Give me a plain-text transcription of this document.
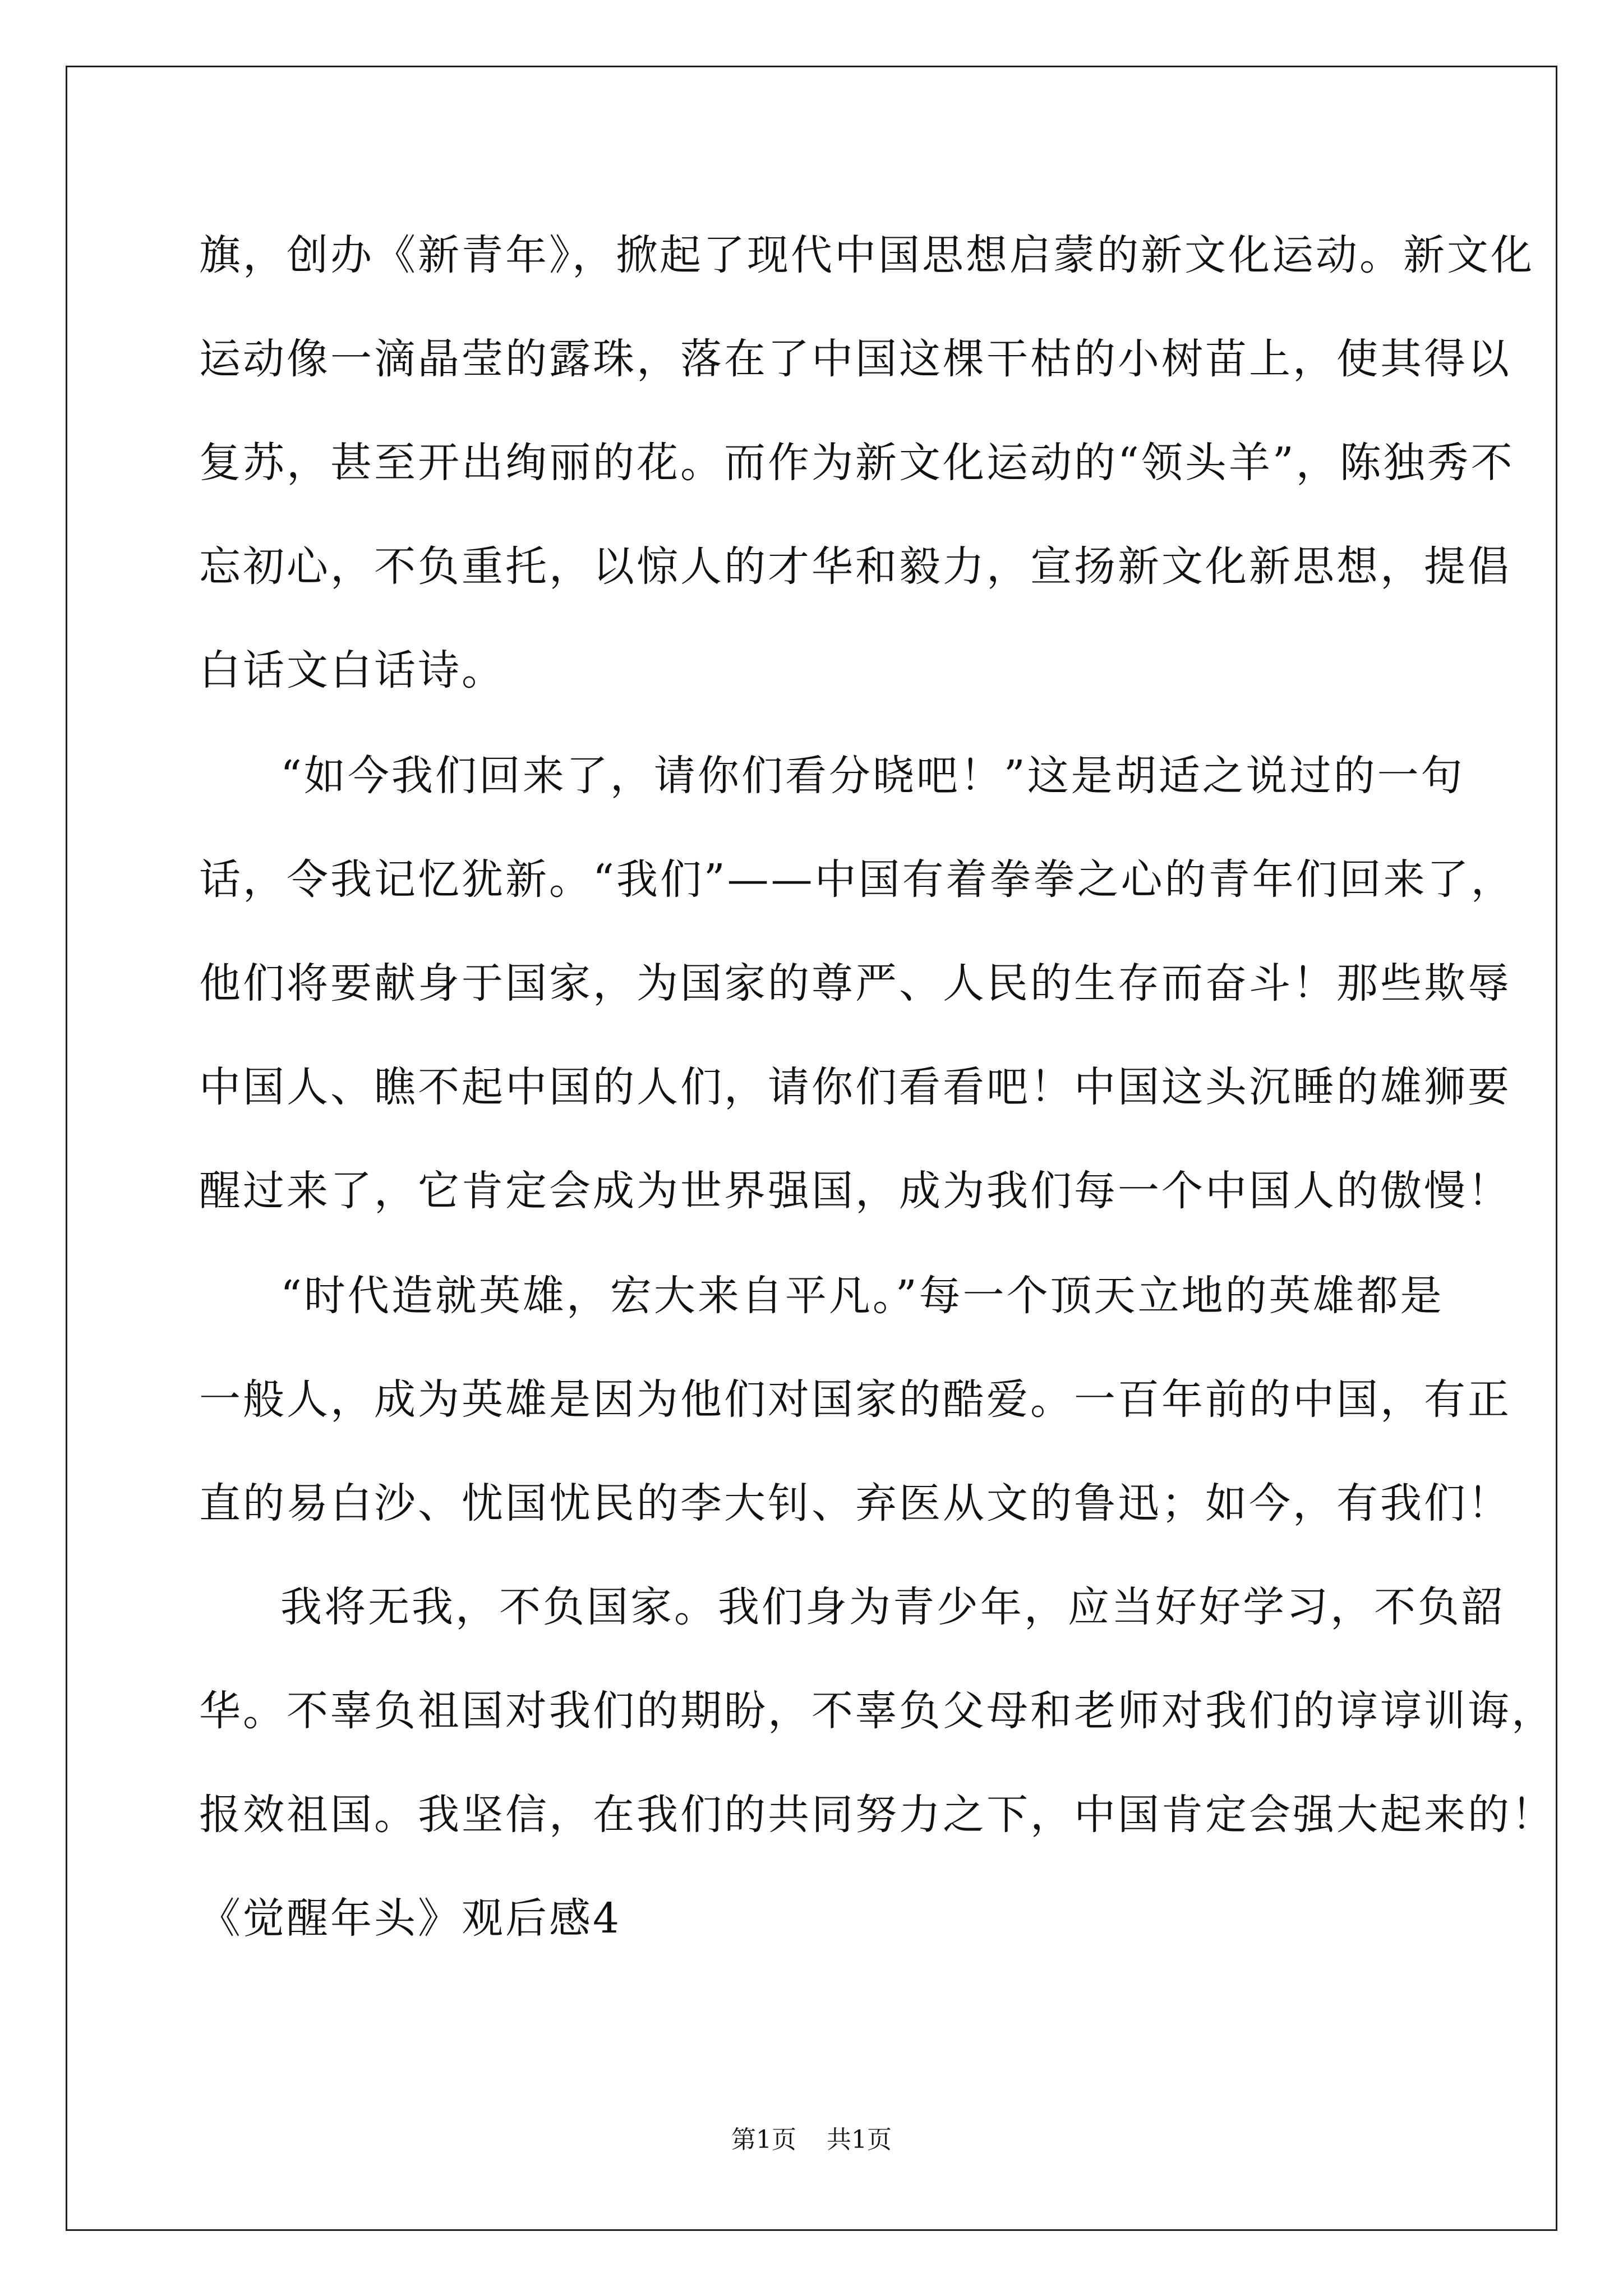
旗，创办《新青年》，掀起了现代中国思想启蒙的新文化运动。新文化
运动像一滴晶莹的露珠，落在了中国这棵干枯的小树苗上，使其得以
复苏，甚至开出绚丽的花。而作为新文化运动的“领头羊”，陈独秀不
忘初心，不负重托，以惊人的才华和毅力，宣扬新文化新思想，提倡
白话文白话诗。
“如今我们回来了，请你们看分晓吧！”这是胡适之说过的一句
话，令我记忆犹新。“我们”——中国有着拳拳之心的青年们回来了，
他们将要献身于国家，为国家的尊严、人民的生存而奋斗！那些欺辱
中国人、瞧不起中国的人们，请你们看看吧！中国这头沉睡的雄狮要
醒过来了，它肯定会成为世界强国，成为我们每一个中国人的傲慢！
“时代造就英雄，宏大来自平凡。”每一个顶天立地的英雄都是
一般人，成为英雄是因为他们对国家的酷爱。一百年前的中国，有正
直的易白沙、忧国忧民的李大钊、弃医从文的鲁迅；如今，有我们！
我将无我，不负国家。我们身为青少年，应当好好学习，不负韶
华。不辜负祖国对我们的期盼，不辜负父母和老师对我们的谆谆训诲，
报效祖国。我坚信，在我们的共同努力之下，中国肯定会强大起来的！
《觉醒年头》观后感4
第1页 共1页
